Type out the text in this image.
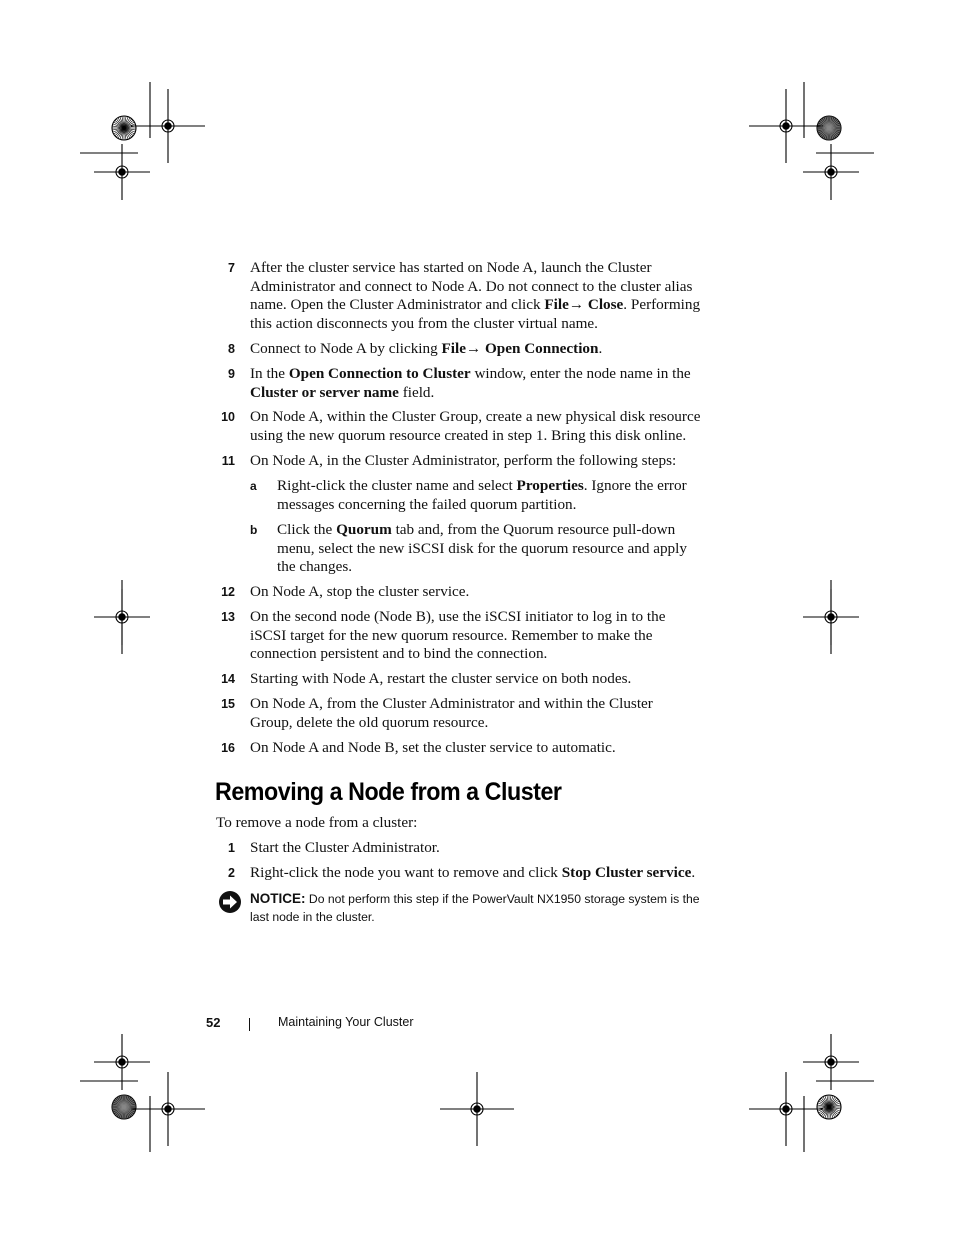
7 After the cluster service has started on Node A, launch the Cluster
Administrator and connect to Node A. Do not connect to the cluster alias
name. Open the Cluster Administrator and click File→ Close. Performing
this action disconnects you from the cluster virtual name.
8 Connect to Node A by clicking File→ Open Connection.
9 In the Open Connection to Cluster window, enter the node name in the
Cluster or server name field.
10 On Node A, within the Cluster Group, create a new physical disk resource
using the new quorum resource created in step 1. Bring this disk online.
11 On Node A, in the Cluster Administrator, perform the following steps:
a Right-click the cluster name and select Properties. Ignore the error
messages concerning the failed quorum partition.
b Click the Quorum tab and, from the Quorum resource pull-down
menu, select the new iSCSI disk for the quorum resource and apply
the changes.
12 On Node A, stop the cluster service.
13 On the second node (Node B), use the iSCSI initiator to log in to the
iSCSI target for the new quorum resource. Remember to make the
connection persistent and to bind the connection.
14 Starting with Node A, restart the cluster service on both nodes.
15 On Node A, from the Cluster Administrator and within the Cluster
Group, delete the old quorum resource.
16 On Node A and Node B, set the cluster service to automatic.
Removing a Node from a Cluster
To remove a node from a cluster:
1 Start the Cluster Administrator.
2 Right-click the node you want to remove and click Stop Cluster service.
NOTICE: Do not perform this step if the PowerVault NX1950 storage system is the last node in the cluster.
52	Maintaining Your Cluster
